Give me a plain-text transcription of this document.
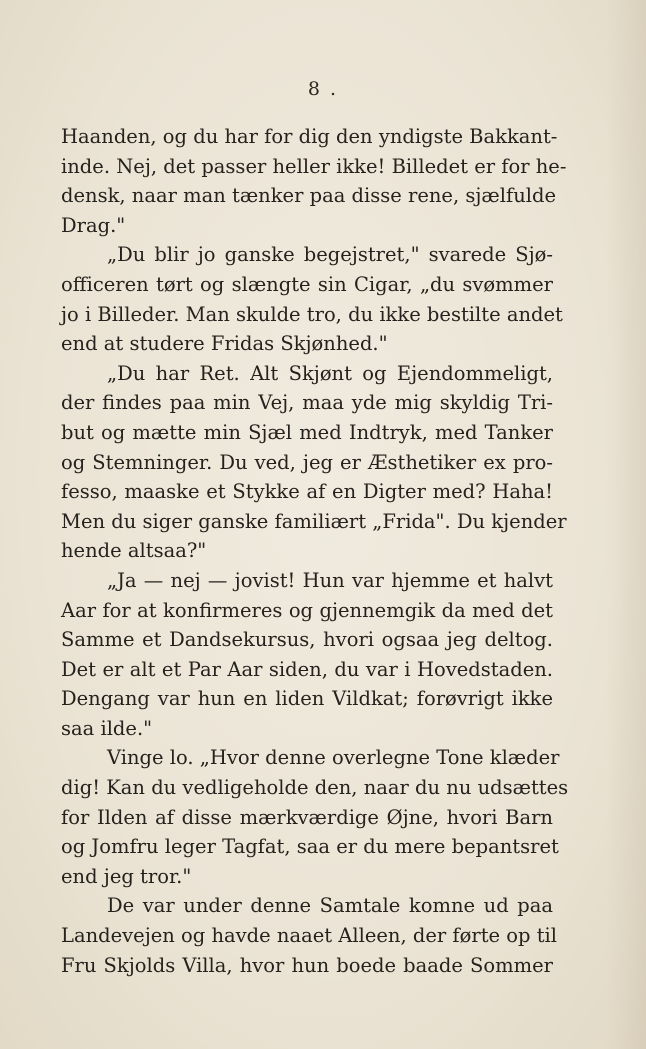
8 .
Haanden, og du har for dig den yndigste Bakkant-
inde. Nej, det passer heller ikke! Billedet er for he-
densk, naar man tænker paa disse rene, sjælfulde
Drag."
„Du blir jo ganske begejstret," svarede Sjø-
officeren tørt og slængte sin Cigar, „du svømmer
jo i Billeder. Man skulde tro, du ikke bestilte andet
end at studere Fridas Skjønhed."
„Du har Ret. Alt Skjønt og Ejendommeligt,
der findes paa min Vej, maa yde mig skyldig Tri-
but og mætte min Sjæl med Indtryk, med Tanker
og Stemninger. Du ved, jeg er Æsthetiker ex pro-
fesso, maaske et Stykke af en Digter med? Haha!
Men du siger ganske familiært „Frida". Du kjender
hende altsaa?"
„Ja — nej — jovist! Hun var hjemme et halvt
Aar for at konfirmeres og gjennemgik da med det
Samme et Dandsekursus, hvori ogsaa jeg deltog.
Det er alt et Par Aar siden, du var i Hovedstaden.
Dengang var hun en liden Vildkat; forøvrigt ikke
saa ilde."
Vinge lo. „Hvor denne overlegne Tone klæder
dig! Kan du vedligeholde den, naar du nu udsættes
for Ilden af disse mærkværdige Øjne, hvori Barn
og Jomfru leger Tagfat, saa er du mere bepantsret
end jeg tror."
De var under denne Samtale komne ud paa
Landevejen og havde naaet Alleen, der førte op til
Fru Skjolds Villa, hvor hun boede baade Sommer
